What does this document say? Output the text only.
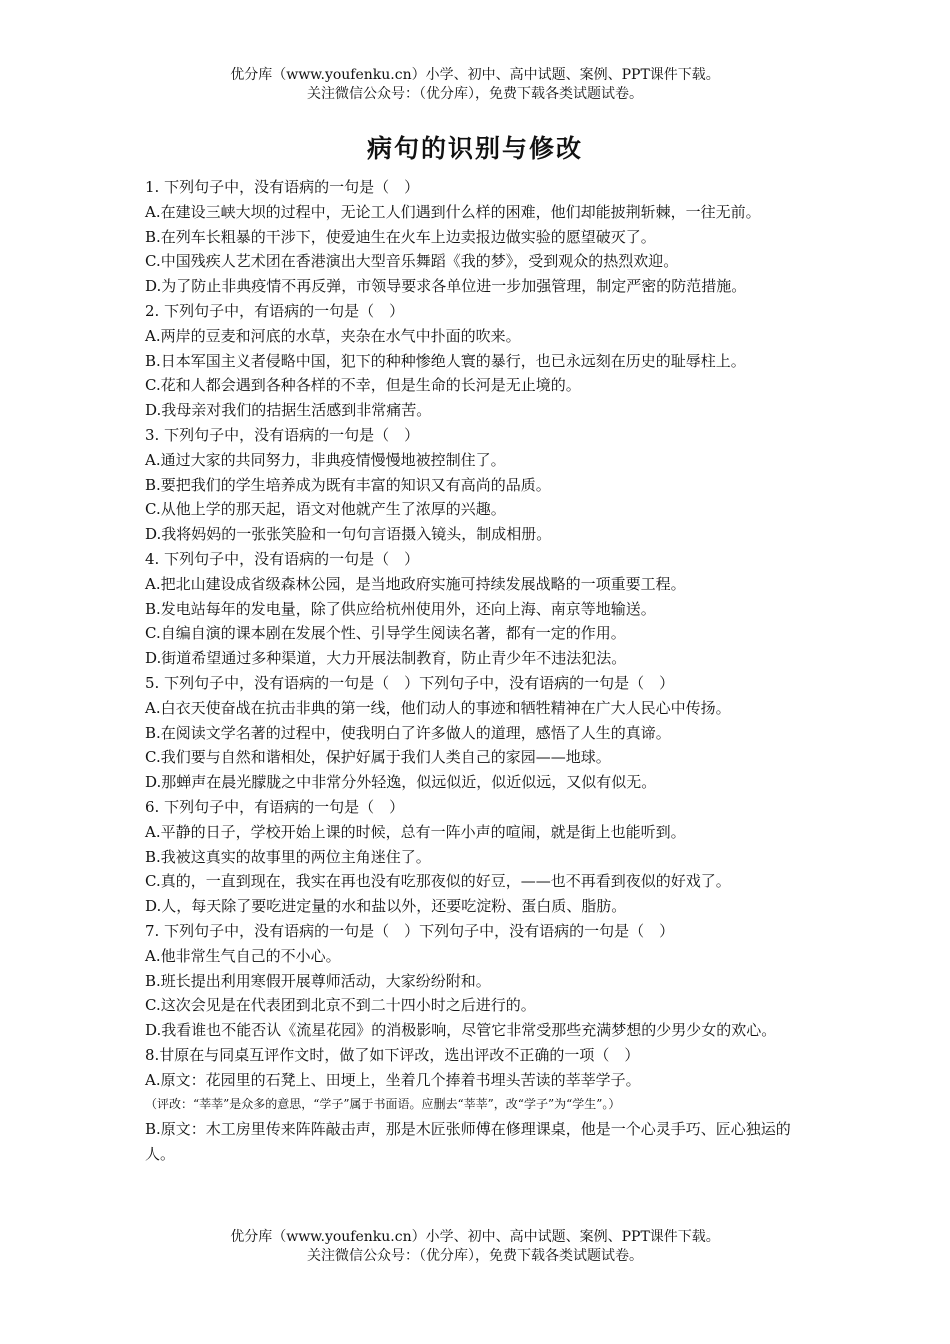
优分库（www.youfenku.cn）小学、初中、高中试题、案例、PPT课件下载。
关注微信公众号：（优分库），免费下载各类试题试卷。
病句的识别与修改

1. 下列句子中，没有语病的一句是（　）

A.在建设三峡大坝的过程中，无论工人们遇到什么样的困难，他们却能披荆斩棘，一往无前。

B.在列车长粗暴的干涉下，使爱迪生在火车上边卖报边做实验的愿望破灭了。

C.中国残疾人艺术团在香港演出大型音乐舞蹈《我的梦》，受到观众的热烈欢迎。

D.为了防止非典疫情不再反弹，市领导要求各单位进一步加强管理，制定严密的防范措施。

2. 下列句子中，有语病的一句是（　）

A.两岸的豆麦和河底的水草，夹杂在水气中扑面的吹来。

B.日本军国主义者侵略中国，犯下的种种惨绝人寰的暴行，也已永远刻在历史的耻辱柱上。

C.花和人都会遇到各种各样的不幸，但是生命的长河是无止境的。

D.我母亲对我们的拮据生活感到非常痛苦。

3. 下列句子中，没有语病的一句是（　）

A.通过大家的共同努力，非典疫情慢慢地被控制住了。

B.要把我们的学生培养成为既有丰富的知识又有高尚的品质。

C.从他上学的那天起，语文对他就产生了浓厚的兴趣。

D.我将妈妈的一张张笑脸和一句句言语摄入镜头，制成相册。

4. 下列句子中，没有语病的一句是（　）

A.把北山建设成省级森林公园，是当地政府实施可持续发展战略的一项重要工程。

B.发电站每年的发电量，除了供应给杭州使用外，还向上海、南京等地输送。

C.自编自演的课本剧在发展个性、引导学生阅读名著，都有一定的作用。

D.街道希望通过多种渠道，大力开展法制教育，防止青少年不违法犯法。

5. 下列句子中，没有语病的一句是（　）下列句子中，没有语病的一句是（　）

A.白衣天使奋战在抗击非典的第一线，他们动人的事迹和牺牲精神在广大人民心中传扬。

B.在阅读文学名著的过程中，使我明白了许多做人的道理，感悟了人生的真谛。

C.我们要与自然和谐相处，保护好属于我们人类自己的家园——地球。

D.那蝉声在晨光朦胧之中非常分外轻逸，似远似近，似近似远，又似有似无。

6. 下列句子中，有语病的一句是（　）

A.平静的日子，学校开始上课的时候，总有一阵小声的喧闹，就是街上也能听到。

B.我被这真实的故事里的两位主角迷住了。

C.真的，一直到现在，我实在再也没有吃那夜似的好豆，——也不再看到夜似的好戏了。

D.人，每天除了要吃进定量的水和盐以外，还要吃淀粉、蛋白质、脂肪。

7. 下列句子中，没有语病的一句是（　）下列句子中，没有语病的一句是（　）

A.他非常生气自己的不小心。

B.班长提出利用寒假开展尊师活动，大家纷纷附和。

C.这次会见是在代表团到北京不到二十四小时之后进行的。

D.我看谁也不能否认《流星花园》的消极影响，尽管它非常受那些充满梦想的少男少女的欢心。

8.甘原在与同桌互评作文时，做了如下评改，选出评改不正确的一项（　）

A.原文：花园里的石凳上、田埂上，坐着几个捧着书埋头苦读的莘莘学子。

（评改：“莘莘”是众多的意思，“学子”属于书面语。应删去“莘莘”，改“学子”为“学生”。）

B.原文：木工房里传来阵阵敲击声，那是木匠张师傅在修理课桌，他是一个心灵手巧、匠心独运的人。

优分库（www.youfenku.cn）小学、初中、高中试题、案例、PPT课件下载。
关注微信公众号：（优分库），免费下载各类试题试卷。
